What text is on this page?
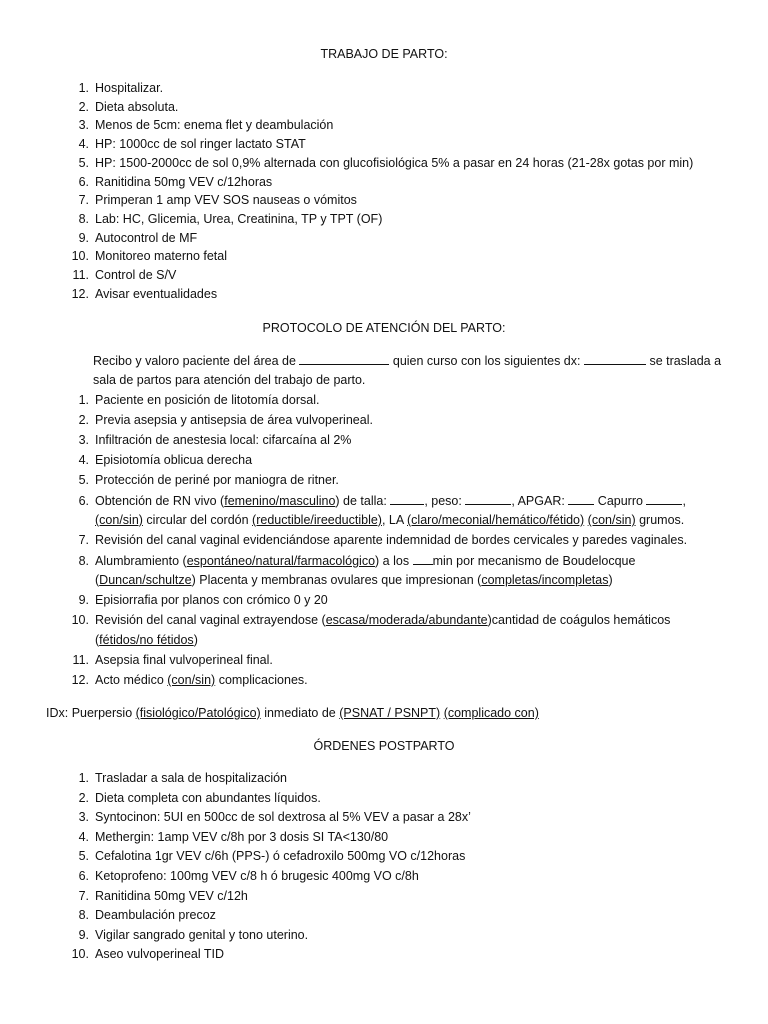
TRABAJO DE PARTO:
1. Hospitalizar.
2. Dieta absoluta.
3. Menos de 5cm: enema flet y deambulación
4. HP: 1000cc de sol ringer lactato STAT
5. HP: 1500-2000cc de sol 0,9% alternada con glucofisiológica 5% a pasar en 24 horas (21-28x gotas por min)
6. Ranitidina 50mg VEV c/12horas
7. Primperan 1 amp VEV SOS nauseas o vómitos
8. Lab: HC, Glicemia, Urea, Creatinina, TP y TPT (OF)
9. Autocontrol de MF
10. Monitoreo materno fetal
11. Control de S/V
12. Avisar eventualidades
PROTOCOLO DE ATENCIÓN DEL PARTO:
Recibo y valoro paciente del área de	quien curso con los siguientes dx:	se traslada a
sala de partos para atención del trabajo de parto.
1. Paciente en posición de litotomía dorsal.
2. Previa asepsia y antisepsia de área vulvoperineal.
3. Infiltración de anestesia local: cifarcaína al 2%
4. Episiotomía oblicua derecha
5. Protección de periné por maniogra de ritner.
6. Obtención de RN vivo (femenino/masculino) de talla:	, peso:	, APGAR:	Capurro	,
(con/sin) circular del cordón (reductible/ireeductible), LA (claro/meconial/hemático/fétido) (con/sin) grumos.
7. Revisión del canal vaginal evidenciándose aparente indemnidad de bordes cervicales y paredes vaginales.
8. Alumbramiento (espontáneo/natural/farmacológico) a los min por mecanismo de Boudelocque
(Duncan/schultze) Placenta y membranas ovulares que impresionan (completas/incompletas)
9. Episiorrafia por planos con crómico 0 y 20
10. Revisión del canal vaginal extrayendose (escasa/moderada/abundante)cantidad de coágulos hemáticos
(fétidos/no fétidos)
11. Asepsia final vulvoperineal final.
12. Acto médico (con/sin) complicaciones.
IDx: Puerpersio (fisiológico/Patológico) inmediato de (PSNAT / PSNPT) (complicado con)
ÓRDENES POSTPARTO
1. Trasladar a sala de hospitalización
2. Dieta completa con abundantes líquidos.
3. Syntocinon: 5UI en 500cc de sol dextrosa al 5% VEV a pasar a 28x’
4. Methergin: 1amp VEV c/8h por 3 dosis SI TA<130/80
5. Cefalotina 1gr VEV c/6h (PPS-) ó cefadroxilo 500mg VO c/12horas
6. Ketoprofeno: 100mg VEV c/8 h ó brugesic 400mg VO c/8h
7. Ranitidina 50mg VEV c/12h
8. Deambulación precoz
9. Vigilar sangrado genital y tono uterino.
10. Aseo vulvoperineal TID
